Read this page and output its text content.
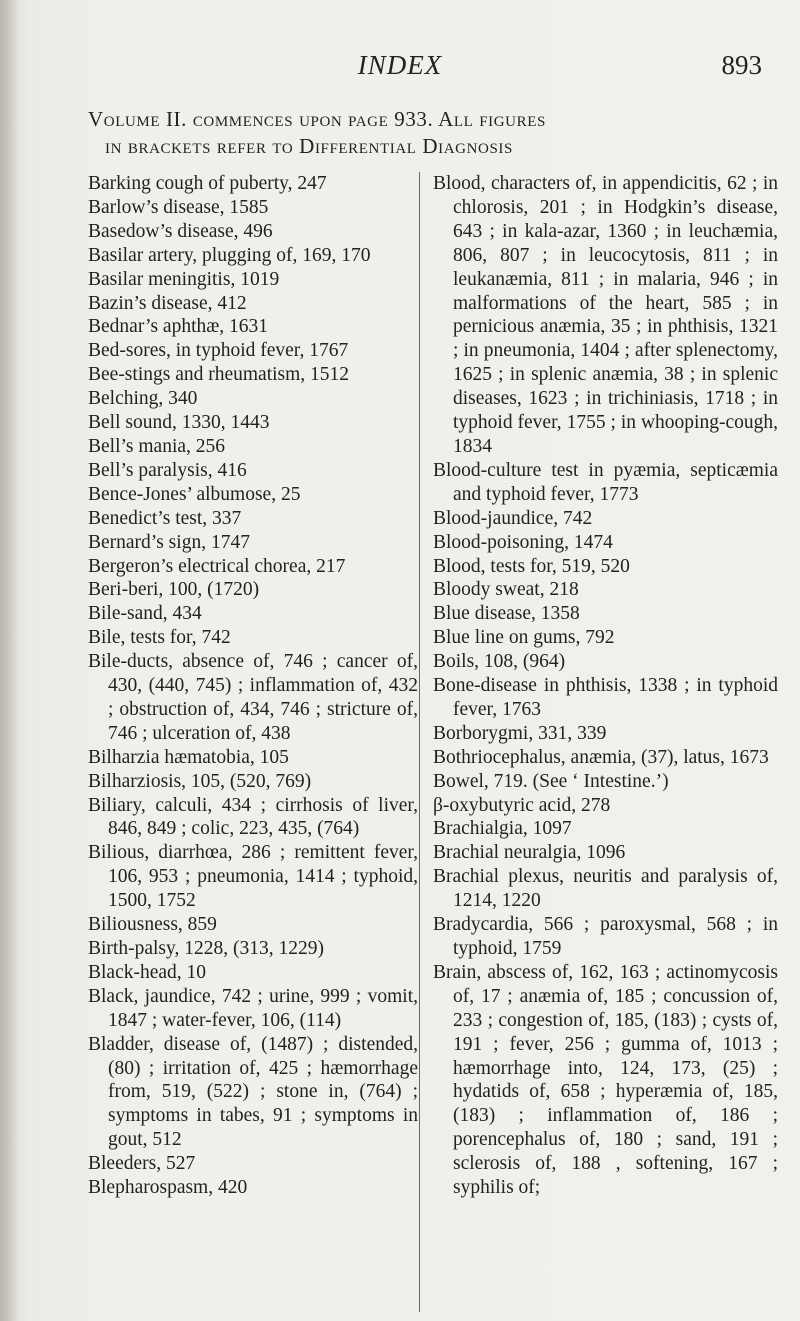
INDEX	893
Volume II. commences upon page 933. All figures
in brackets refer to Differential Diagnosis

Barking cough of puberty, 247

Barlow’s disease, 1585

Basedow’s disease, 496

Basilar artery, plugging of, 169, 170

Basilar meningitis, 1019

Bazin’s disease, 412

Bednar’s aphthæ, 1631

Bed-sores, in typhoid fever, 1767

Bee-stings and rheumatism, 1512

Belching, 340

Bell sound, 1330, 1443

Bell’s mania, 256

Bell’s paralysis, 416

Bence-Jones’ albumose, 25

Benedict’s test, 337

Bernard’s sign, 1747

Bergeron’s electrical chorea, 217

Beri-beri, 100, (1720)

Bile-sand, 434

Bile, tests for, 742

Bile-ducts, absence of, 746 ; cancer of, 430, (440, 745) ; inflammation of, 432 ; obstruction of, 434, 746 ; stricture of, 746 ; ulceration of, 438

Bilharzia hæmatobia, 105

Bilharziosis, 105, (520, 769)

Biliary, calculi, 434 ; cirrhosis of liver, 846, 849 ; colic, 223, 435, (764)

Bilious, diarrhœa, 286 ; remittent fever, 106, 953 ; pneumonia, 1414 ; typhoid, 1500, 1752

Biliousness, 859

Birth-palsy, 1228, (313, 1229)

Black-head, 10

Black, jaundice, 742 ; urine, 999 ; vomit, 1847 ; water-fever, 106, (114)

Bladder, disease of, (1487) ; distended, (80) ; irritation of, 425 ; hæmorrhage from, 519, (522) ; stone in, (764) ; symptoms in tabes, 91 ; symptoms in gout, 512

Bleeders, 527

Blepharospasm, 420

Blood, characters of, in appendicitis, 62 ; in chlorosis, 201 ; in Hodgkin’s disease, 643 ; in kala-azar, 1360 ; in leuchæmia, 806, 807 ; in leucocytosis, 811 ; in leukanæmia, 811 ; in malaria, 946 ; in malformations of the heart, 585 ; in pernicious anæmia, 35 ; in phthisis, 1321 ; in pneumonia, 1404 ; after splenectomy, 1625 ; in splenic anæmia, 38 ; in splenic diseases, 1623 ; in trichiniasis, 1718 ; in typhoid fever, 1755 ; in whooping-cough, 1834

Blood-culture test in pyæmia, septicæmia and typhoid fever, 1773

Blood-jaundice, 742

Blood-poisoning, 1474

Blood, tests for, 519, 520

Bloody sweat, 218

Blue disease, 1358

Blue line on gums, 792

Boils, 108, (964)

Bone-disease in phthisis, 1338 ; in typhoid fever, 1763

Borborygmi, 331, 339

Bothriocephalus, anæmia, (37), latus, 1673

Bowel, 719. (See ‘ Intestine.’)

β-oxybutyric acid, 278

Brachialgia, 1097

Brachial neuralgia, 1096

Brachial plexus, neuritis and paralysis of, 1214, 1220

Bradycardia, 566 ; paroxysmal, 568 ; in typhoid, 1759

Brain, abscess of, 162, 163 ; actinomycosis of, 17 ; anæmia of, 185 ; concussion of, 233 ; congestion of, 185, (183) ; cysts of, 191 ; fever, 256 ; gumma of, 1013 ; hæmorrhage into, 124, 173, (25) ; hydatids of, 658 ; hyperæmia of, 185, (183) ; inflammation of, 186 ; porencephalus of, 180 ; sand, 191 ; sclerosis of, 188 , softening, 167 ; syphilis of;
